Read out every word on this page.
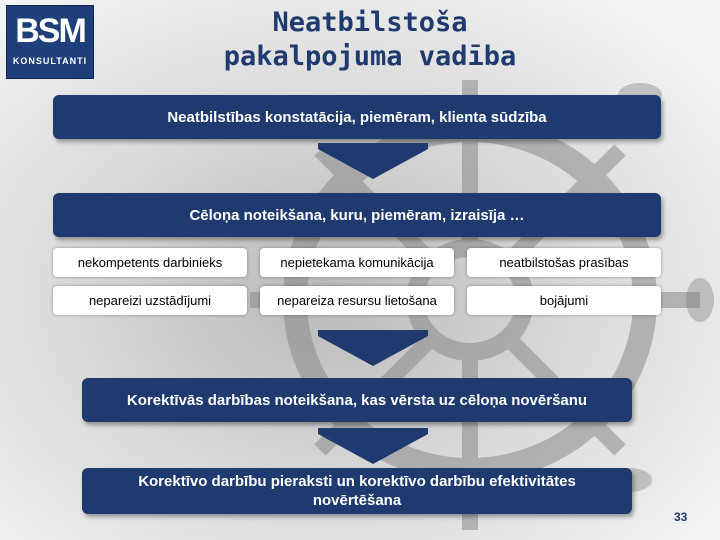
BSM
KONSULTANTI
Neatbilstoša
pakalpojuma vadība
Neatbilstības konstatācija, piemēram, klienta sūdzība
Cēloņa noteikšana, kuru, piemēram, izraisīja …
nekompetents darbinieks	nepietekama komunikācija	neatbilstošas prasības
nepareizi uzstādījumi	nepareiza resursu lietošana	bojājumi
Korektīvās darbības noteikšana, kas vērsta uz cēloņa novēršanu
Korektīvo darbību pieraksti un korektīvo darbību efektivitātes novērtēšana
33
